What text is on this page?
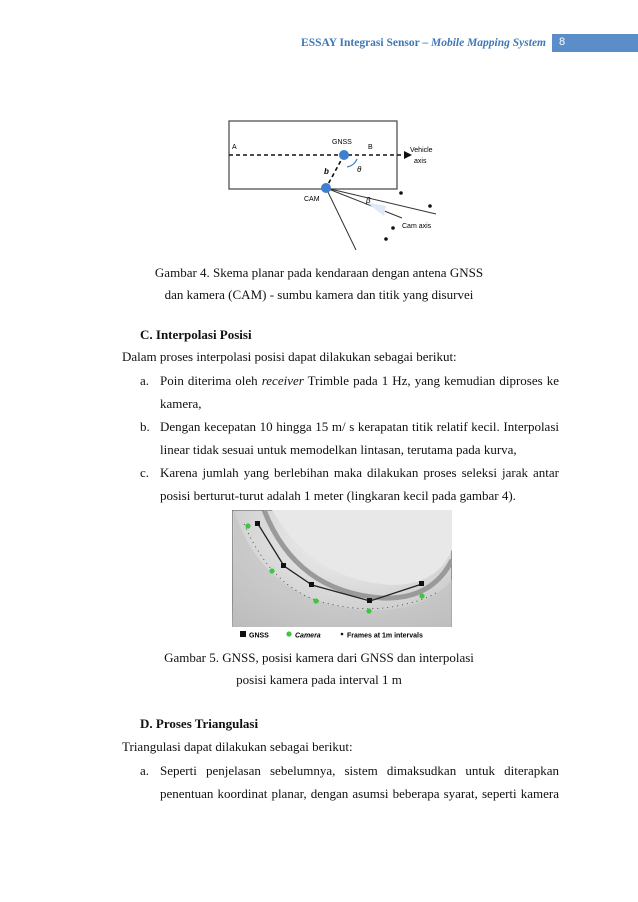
ESSAY Integrasi Sensor – Mobile Mapping System 8
A
GNSS
B	Vehicle
axis
θ
b
CAM	β
Cam axis
Gambar 4. Skema planar pada kendaraan dengan antena GNSS
dan kamera (CAM) - sumbu kamera dan titik yang disurvei
C. Interpolasi Posisi
Dalam proses interpolasi posisi dapat dilakukan sebagai berikut:
a. Poin diterima oleh receiver Trimble pada 1 Hz, yang kemudian diproses ke
kamera,
b. Dengan kecepatan 10 hingga 15 m/ s kerapatan titik relatif kecil. Interpolasi
linear tidak sesuai untuk memodelkan lintasan, terutama pada kurva,
c. Karena jumlah yang berlebihan maka dilakukan proses seleksi jarak antar
posisi berturut-turut adalah 1 meter (lingkaran kecil pada gambar 4).
GNSS	Camera	Frames at 1m intervals
Gambar 5. GNSS, posisi kamera dari GNSS dan interpolasi
posisi kamera pada interval 1 m
D. Proses Triangulasi
Triangulasi dapat dilakukan sebagai berikut:
a. Seperti penjelasan sebelumnya, sistem dimaksudkan untuk diterapkan
penentuan koordinat planar, dengan asumsi beberapa syarat, seperti kamera
